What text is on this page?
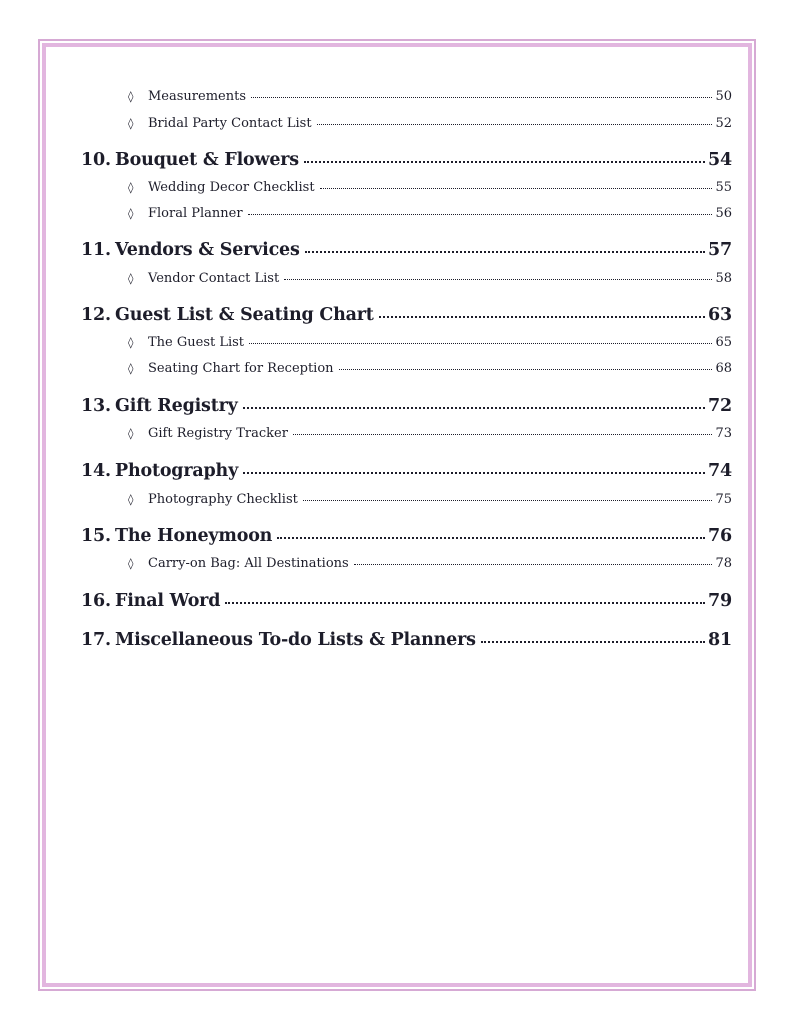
◊	Measurements	50
◊	Bridal Party Contact List	52
10. Bouquet & Flowers	54
◊	Wedding Decor Checklist	55
◊	Floral Planner	56
11. Vendors & Services	57
◊	Vendor Contact List	58
12. Guest List & Seating Chart	63
◊	The Guest List	65
◊	Seating Chart for Reception	68
13. Gift Registry	72
◊	Gift Registry Tracker	73
14. Photography	74
◊	Photography Checklist	75
15. The Honeymoon	76
◊	Carry-on Bag: All Destinations	78
16. Final Word	79
17. Miscellaneous To-do Lists & Planners	81
